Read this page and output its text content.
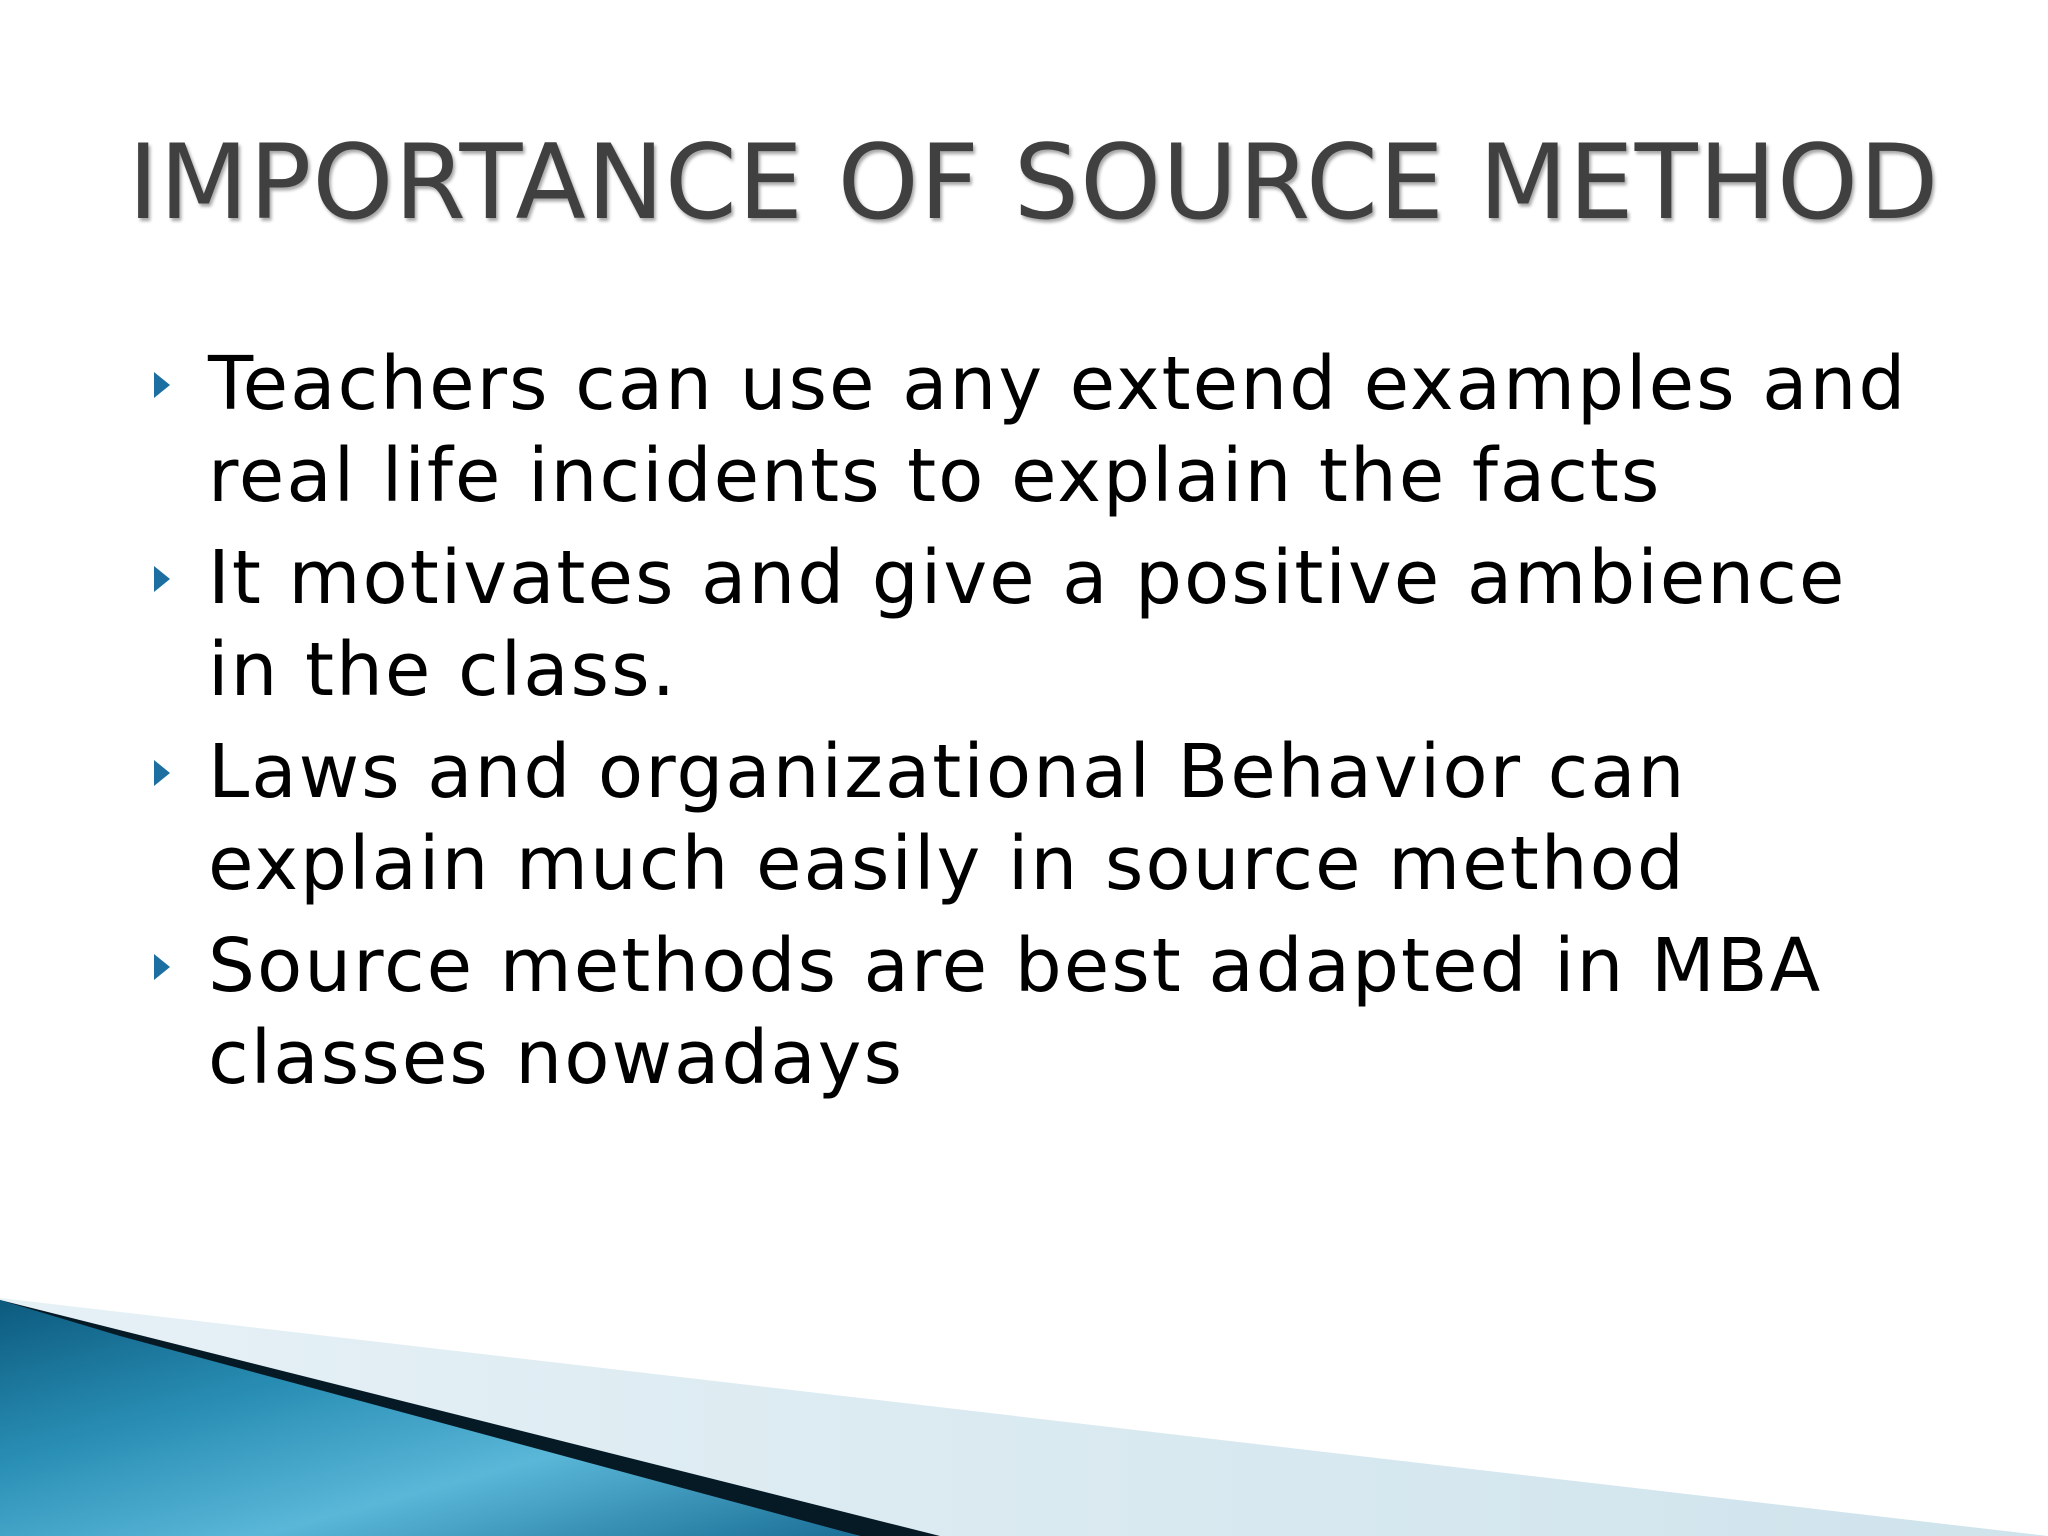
IMPORTANCE OF SOURCE METHOD
Teachers can use any extend examples and real life incidents to explain the facts
It motivates and give a positive ambience in the class.
Laws and organizational Behavior can explain much easily in source method
Source methods are best adapted in MBA classes nowadays
